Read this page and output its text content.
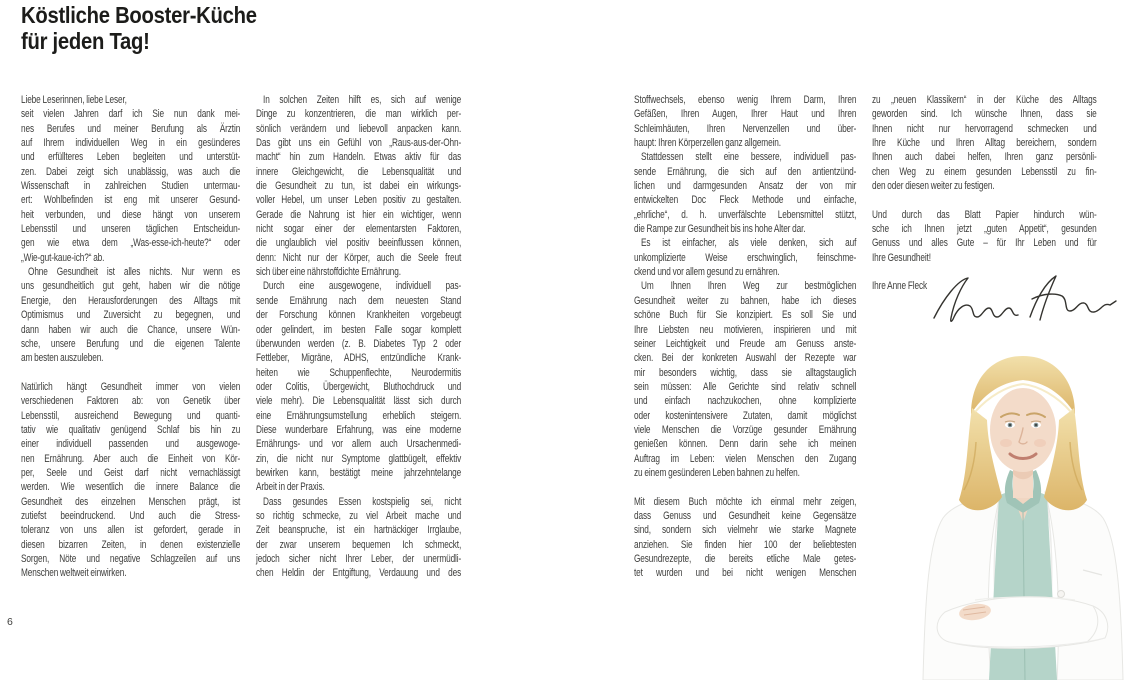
Köstliche Booster-Küche
für jeden Tag!
Liebe Leserinnen, liebe Leser,
seit vielen Jahren darf ich Sie nun dank mei-
nes Berufes und meiner Berufung als Ärztin
auf Ihrem individuellen Weg in ein gesünderes
und erfüllteres Leben begleiten und unterstüt-
zen. Dabei zeigt sich unablässig, was auch die
Wissenschaft in zahlreichen Studien untermau-
ert: Wohlbefinden ist eng mit unserer Gesund-
heit verbunden, und diese hängt von unserem
Lebensstil und unseren täglichen Entscheidun-
gen wie etwa dem „Was-esse-ich-heute?“ oder
„Wie-gut-kaue-ich?“ ab.
Ohne Gesundheit ist alles nichts. Nur wenn es
uns gesundheitlich gut geht, haben wir die nötige
Energie, den Herausforderungen des Alltags mit
Optimismus und Zuversicht zu begegnen, und
dann haben wir auch die Chance, unsere Wün-
sche, unsere Berufung und die eigenen Talente
am besten auszuleben.
Natürlich hängt Gesundheit immer von vielen
verschiedenen Faktoren ab: von Genetik über
Lebensstil, ausreichend Bewegung und quanti-
tativ wie qualitativ genügend Schlaf bis hin zu
einer individuell passenden und ausgewoge-
nen Ernährung. Aber auch die Einheit von Kör-
per, Seele und Geist darf nicht vernachlässigt
werden. Wie wesentlich die innere Balance die
Gesundheit des einzelnen Menschen prägt, ist
zutiefst beeindruckend. Und auch die Stress-
toleranz von uns allen ist gefordert, gerade in
diesen bizarren Zeiten, in denen existenzielle
Sorgen, Nöte und negative Schlagzeilen auf uns
Menschen weltweit einwirken.
In solchen Zeiten hilft es, sich auf wenige
Dinge zu konzentrieren, die man wirklich per-
sönlich verändern und liebevoll anpacken kann.
Das gibt uns ein Gefühl von „Raus-aus-der-Ohn-
macht“ hin zum Handeln. Etwas aktiv für das
innere Gleichgewicht, die Lebensqualität und
die Gesundheit zu tun, ist dabei ein wirkungs-
voller Hebel, um unser Leben positiv zu gestalten.
Gerade die Nahrung ist hier ein wichtiger, wenn
nicht sogar einer der elementarsten Faktoren,
die unglaublich viel positiv beeinflussen können,
denn: Nicht nur der Körper, auch die Seele freut
sich über eine nährstoffdichte Ernährung.
Durch eine ausgewogene, individuell pas-
sende Ernährung nach dem neuesten Stand
der Forschung können Krankheiten vorgebeugt
oder gelindert, im besten Falle sogar komplett
überwunden werden (z. B. Diabetes Typ 2 oder
Fettleber, Migräne, ADHS, entzündliche Krank-
heiten wie Schuppenflechte, Neurodermitis
oder Colitis, Übergewicht, Bluthochdruck und
viele mehr). Die Lebensqualität lässt sich durch
eine Ernährungsumstellung erheblich steigern.
Diese wunderbare Erfahrung, was eine moderne
Ernährungs- und vor allem auch Ursachenmedi-
zin, die nicht nur Symptome glattbügelt, effektiv
bewirken kann, bestätigt meine jahrzehntelange
Arbeit in der Praxis.
Dass gesundes Essen kostspielig sei, nicht
so richtig schmecke, zu viel Arbeit mache und
Zeit beanspruche, ist ein hartnäckiger Irrglaube,
der zwar unserem bequemen Ich schmeckt,
jedoch sicher nicht Ihrer Leber, der unermüdli-
chen Heldin der Entgiftung, Verdauung und des
Stoffwechsels, ebenso wenig Ihrem Darm, Ihren
Gefäßen, Ihren Augen, Ihrer Haut und Ihren
Schleimhäuten, Ihren Nervenzellen und über-
haupt: Ihren Körperzellen ganz allgemein.
Stattdessen stellt eine bessere, individuell pas-
sende Ernährung, die sich auf den antientzünd-
lichen und darmgesunden Ansatz der von mir
entwickelten Doc Fleck Methode und einfache,
„ehrliche“, d. h. unverfälschte Lebensmittel stützt,
die Rampe zur Gesundheit bis ins hohe Alter dar.
Es ist einfacher, als viele denken, sich auf
unkomplizierte Weise erschwinglich, feinschme-
ckend und vor allem gesund zu ernähren.
Um Ihnen Ihren Weg zur bestmöglichen
Gesundheit weiter zu bahnen, habe ich dieses
schöne Buch für Sie konzipiert. Es soll Sie und
Ihre Liebsten neu motivieren, inspirieren und mit
seiner Leichtigkeit und Freude am Genuss anste-
cken. Bei der konkreten Auswahl der Rezepte war
mir besonders wichtig, dass sie alltagstauglich
sein müssen: Alle Gerichte sind relativ schnell
und einfach nachzukochen, ohne komplizierte
oder kostenintensivere Zutaten, damit möglichst
viele Menschen die Vorzüge gesunder Ernährung
genießen können. Denn darin sehe ich meinen
Auftrag im Leben: vielen Menschen den Zugang
zu einem gesünderen Leben bahnen zu helfen.
Mit diesem Buch möchte ich einmal mehr zeigen,
dass Genuss und Gesundheit keine Gegensätze
sind, sondern sich vielmehr wie starke Magnete
anziehen. Sie finden hier 100 der beliebtesten
Gesundrezepte, die bereits etliche Male getes-
tet wurden und bei nicht wenigen Menschen
zu „neuen Klassikern“ in der Küche des Alltags
geworden sind. Ich wünsche Ihnen, dass sie
Ihnen nicht nur hervorragend schmecken und
Ihre Küche und Ihren Alltag bereichern, sondern
Ihnen auch dabei helfen, Ihren ganz persönli-
chen Weg zu einem gesunden Lebensstil zu fin-
den oder diesen weiter zu festigen.
Und durch das Blatt Papier hindurch wün-
sche ich Ihnen jetzt „guten Appetit“, gesunden
Genuss und alles Gute – für Ihr Leben und für
Ihre Gesundheit!
Ihre Anne Fleck
6
